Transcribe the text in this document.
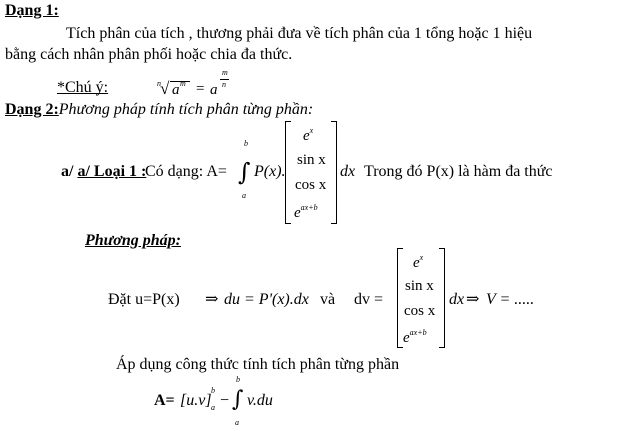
Dạng 1:
Tích phân của tích , thương phải đưa về tích phân của 1 tổng hoặc 1 hiệu
bằng cách nhân phân phối hoặc chia đa thức.
*Chú ý:	n √ a m = a
m
n
Dạng 2:Phương pháp tính tích phân từng phần:
a/ a/ Loại 1 :
Có dạng: A=
b
∫
a
P(x).
$e^x$
sin x
cos x
$e^{ax+b}$
dx Trong đó P(x) là hàm đa thức
Phương pháp:
Đặt u=P(x) ⇒ du = P'(x).dx và dv =
$e^x$
sin x
cos x
$e^{ax+b}$
dx ⇒ V = .....
Áp dụng công thức tính tích phân từng phần
A= [u.v]
b
a −
b
∫
a
v.du
